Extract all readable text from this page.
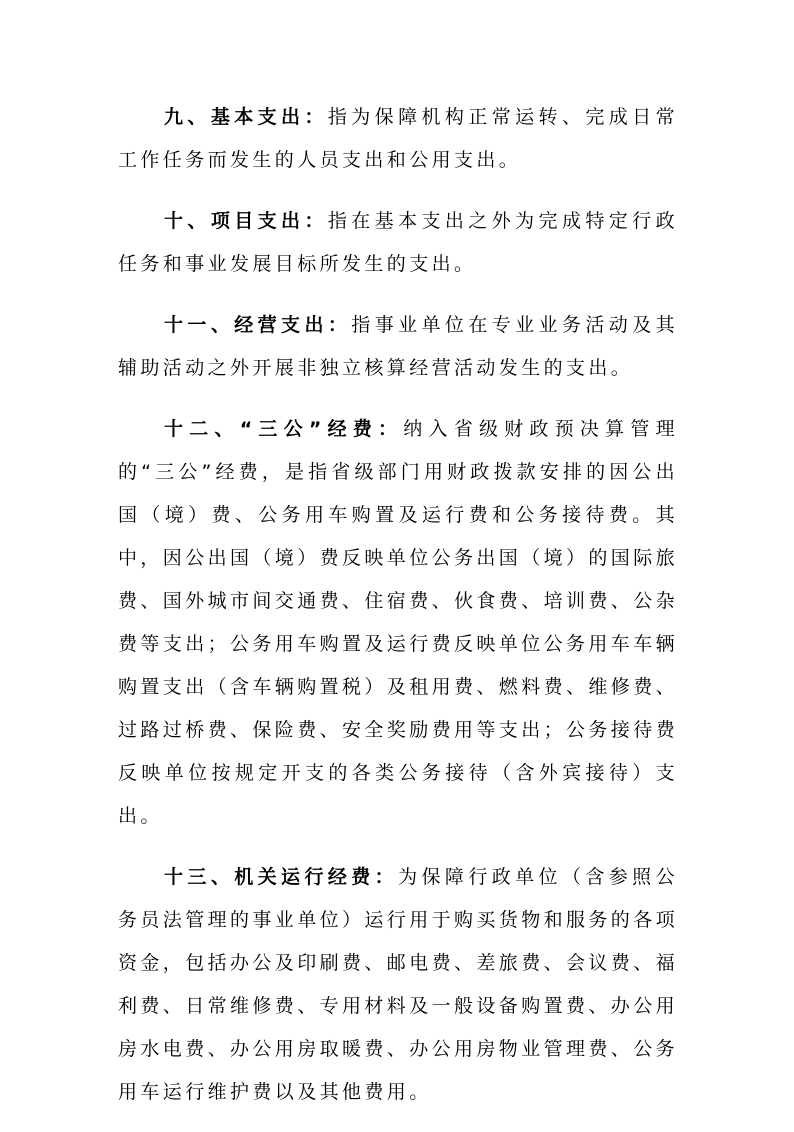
九、基本支出：指为保障机构正常运转、完成日常工作任务而发生的人员支出和公用支出。

十、项目支出：指在基本支出之外为完成特定行政任务和事业发展目标所发生的支出。

十一、经营支出：指事业单位在专业业务活动及其辅助活动之外开展非独立核算经营活动发生的支出。

十二、“三公”经费：纳入省级财政预决算管理的“三公”经费，是指省级部门用财政拨款安排的因公出国（境）费、公务用车购置及运行费和公务接待费。其中，因公出国（境）费反映单位公务出国（境）的国际旅费、国外城市间交通费、住宿费、伙食费、培训费、公杂费等支出；公务用车购置及运行费反映单位公务用车车辆购置支出（含车辆购置税）及租用费、燃料费、维修费、过路过桥费、保险费、安全奖励费用等支出；公务接待费反映单位按规定开支的各类公务接待（含外宾接待）支出。

十三、机关运行经费：为保障行政单位（含参照公务员法管理的事业单位）运行用于购买货物和服务的各项资金，包括办公及印刷费、邮电费、差旅费、会议费、福利费、日常维修费、专用材料及一般设备购置费、办公用房水电费、办公用房取暖费、办公用房物业管理费、公务用车运行维护费以及其他费用。
